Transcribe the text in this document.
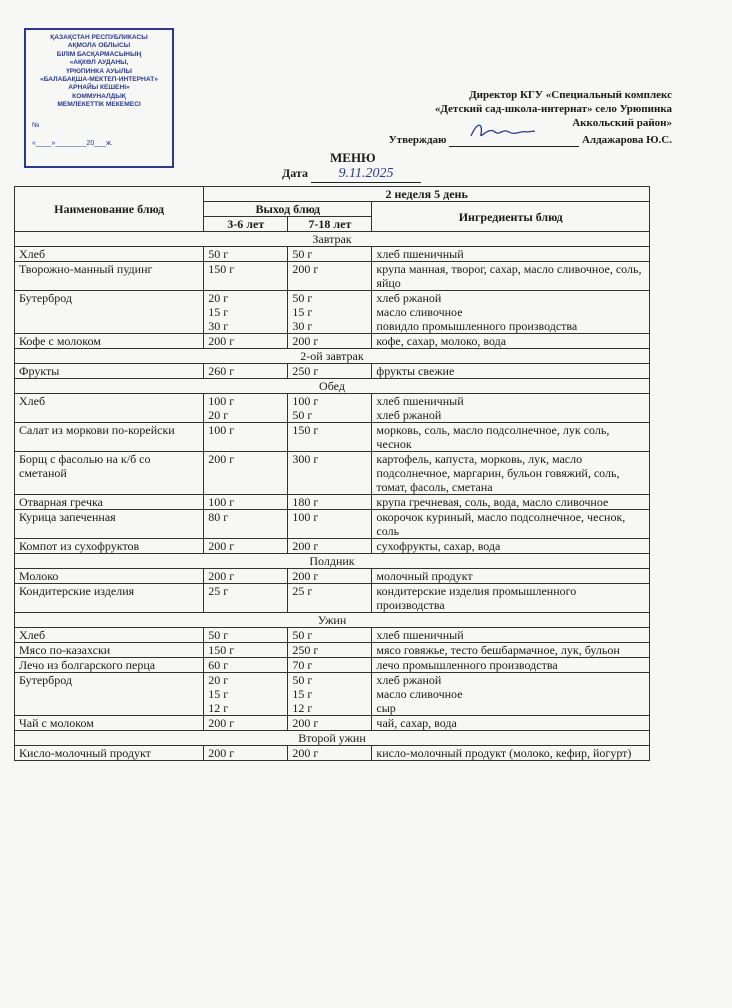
ҚАЗАҚСТАН РЕСПУБЛИКАСЫ
АҚМОЛА ОБЛЫСЫ
БІЛІМ БАСҚАРМАСЫНЫҢ
«АҚКӨЛ АУДАНЫ,
ҮРЮПИНКА АУЫЛЫ
«БАЛАБАҚША-МЕКТЕП-ИНТЕРНАТ»
АРНАЙЫ КЕШЕНІ»
КОММУНАЛДЫҚ
МЕМЛЕКЕТТІК МЕКЕМЕСІ
№
«____»________20___ж.
Директор КГУ «Специальный комплекс
«Детский сад-школа-интернат» село Урюпинка
Аккольский район»
Утверждаю	Алдажарова Ю.С.
МЕНЮ
Дата 9.11.2025
Наименование блюд	2 неделя 5 день		
	Выход блюд		Ингредиенты блюд
	3-6 лет	7-18 лет	
Завтрак			
Хлеб	50 г	50 г	хлеб пшеничный
Творожно-манный пудинг	150 г	200 г	крупа манная, творог, сахар, масло сливочное, соль, яйцо
Бутерброд	20 г
15 г
30 г	50 г
15 г
30 г	хлеб ржаной
масло сливочное
повидло промышленного производства
Кофе с молоком	200 г	200 г	кофе, сахар, молоко, вода
2-ой завтрак			
Фрукты	260 г	250 г	фрукты свежие
Обед			
Хлеб	100 г
20 г	100 г
50 г	хлеб пшеничный
хлеб ржаной
Салат из моркови по-корейски	100 г	150 г	морковь, соль, масло подсолнечное, лук соль, чеснок
Борщ с фасолью на к/б со сметаной	200 г	300 г	картофель, капуста, морковь, лук, масло подсолнечное, маргарин, бульон говяжий, соль, томат, фасоль, сметана
Отварная гречка	100 г	180 г	крупа гречневая, соль, вода, масло сливочное
Курица запеченная	80 г	100 г	окорочок куриный, масло подсолнечное, чеснок, соль
Компот из сухофруктов	200 г	200 г	сухофрукты, сахар, вода
Полдник			
Молоко	200 г	200 г	молочный продукт
Кондитерские изделия	25 г	25 г	кондитерские изделия промышленного производства
Ужин			
Хлеб	50 г	50 г	хлеб пшеничный
Мясо по-казахски	150 г	250 г	мясо говяжье, тесто бешбармачное, лук, бульон
Лечо из болгарского перца	60 г	70 г	лечо промышленного производства
Бутерброд	20 г
15 г
12 г	50 г
15 г
12 г	хлеб ржаной
масло сливочное
сыр
Чай с молоком	200 г	200 г	чай, сахар, вода
Второй ужин			
Кисло-молочный продукт	200 г	200 г	кисло-молочный продукт (молоко, кефир, йогурт)
